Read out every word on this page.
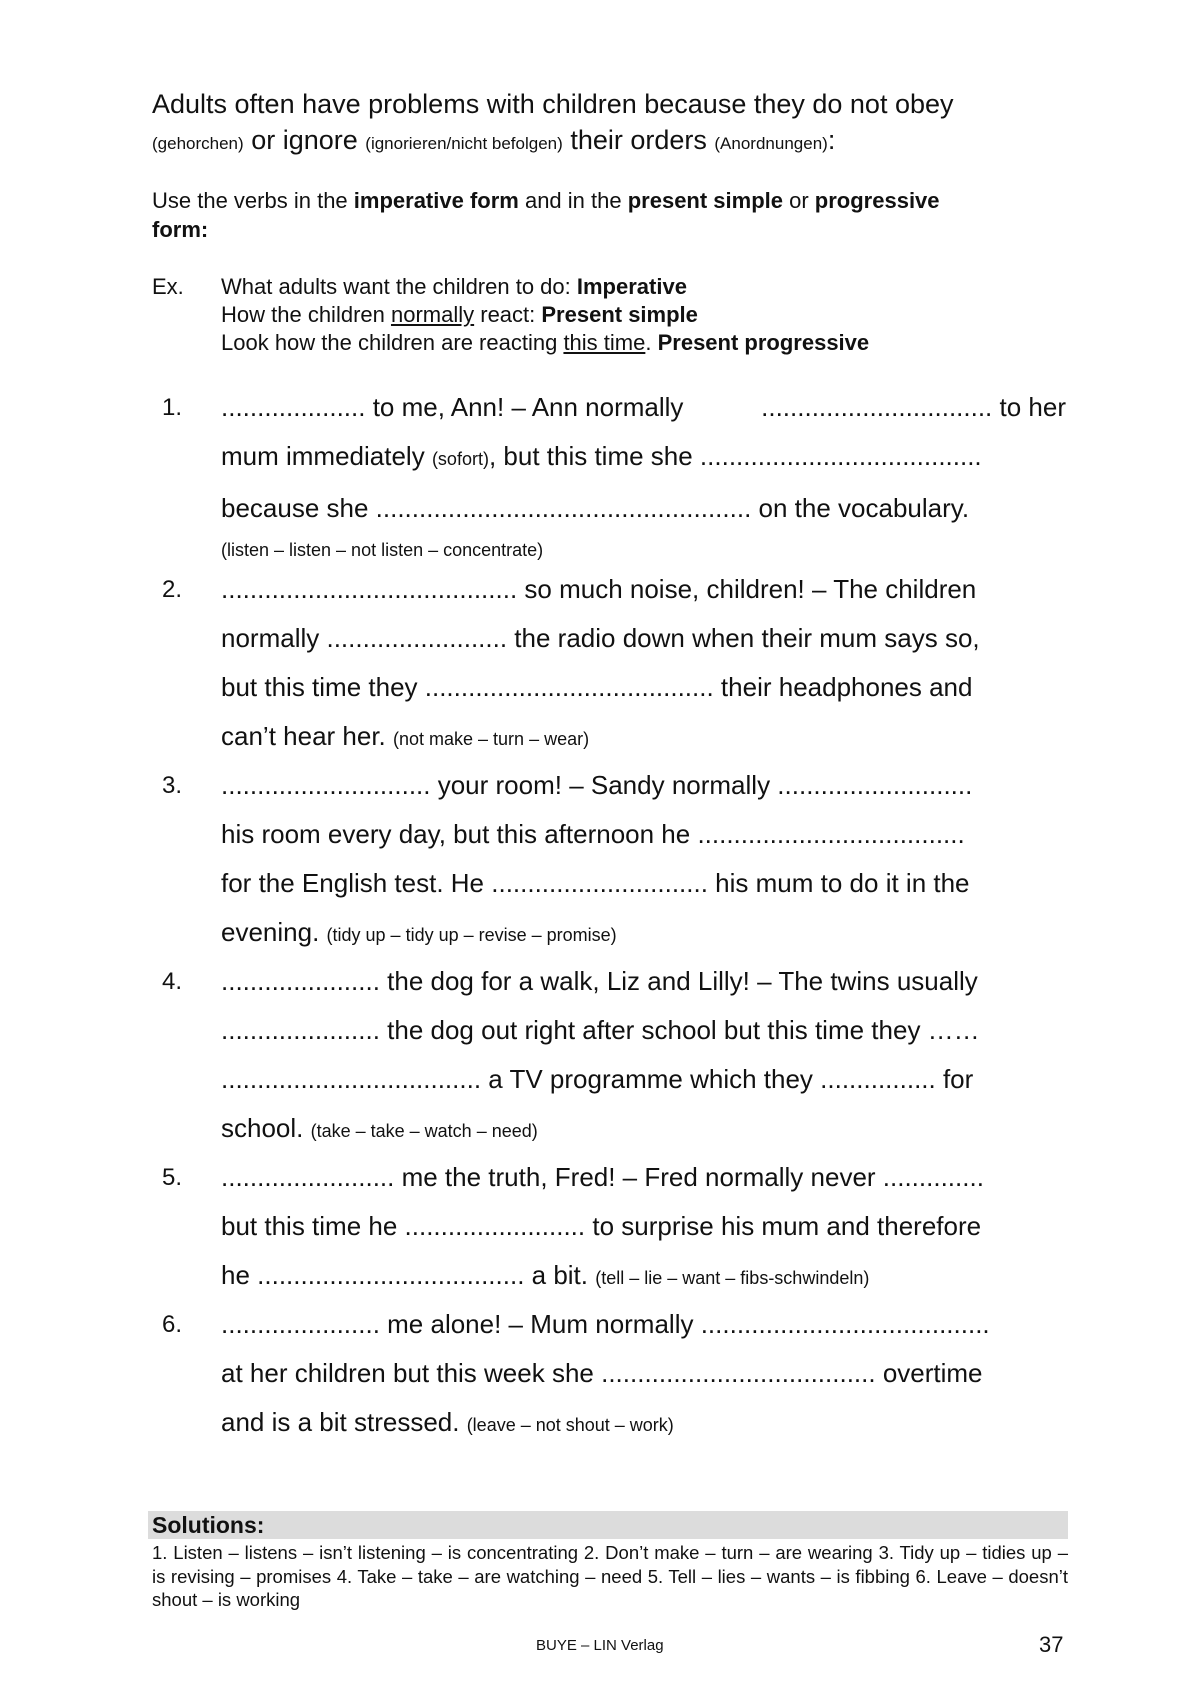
Adults often have problems with children because they do not obey
(gehorchen) or ignore (ignorieren/nicht befolgen) their orders (Anordnungen):
Use the verbs in the imperative form and in the present simple or progressive
form:
Ex. What adults want the children to do: Imperative
How the children normally react: Present simple
Look how the children are reacting this time. Present progressive
1. .................... to me, Ann! – Ann normally	................................ to her
mum immediately (sofort), but this time she .......................................
because she .................................................... on the vocabulary.
(listen – listen – not listen – concentrate)
2. ......................................... so much noise, children! – The children
normally ......................... the radio down when their mum says so,
but this time they ........................................ their headphones and
can’t hear her. (not make – turn – wear)
3. ............................. your room! – Sandy normally ...........................
his room every day, but this afternoon he .....................................
for the English test. He .............................. his mum to do it in the
evening. (tidy up – tidy up – revise – promise)
4. ...................... the dog for a walk, Liz and Lilly! – The twins usually
...................... the dog out right after school but this time they ……
.................................... a TV programme which they ................ for
school. (take – take – watch – need)
5. ........................ me the truth, Fred! – Fred normally never ..............
but this time he ......................... to surprise his mum and therefore
he ..................................... a bit. (tell – lie – want – fibs-schwindeln)
6. ...................... me alone! – Mum normally ........................................
at her children but this week she ...................................... overtime
and is a bit stressed. (leave – not shout – work)
Solutions:
1. Listen – listens – isn’t listening – is concentrating 2. Don’t make – turn – are wearing 3. Tidy up – tidies up – is revising – promises 4. Take – take – are watching – need 5. Tell – lies – wants – is fibbing 6. Leave – doesn’t shout – is working
BUYE – LIN Verlag	37
